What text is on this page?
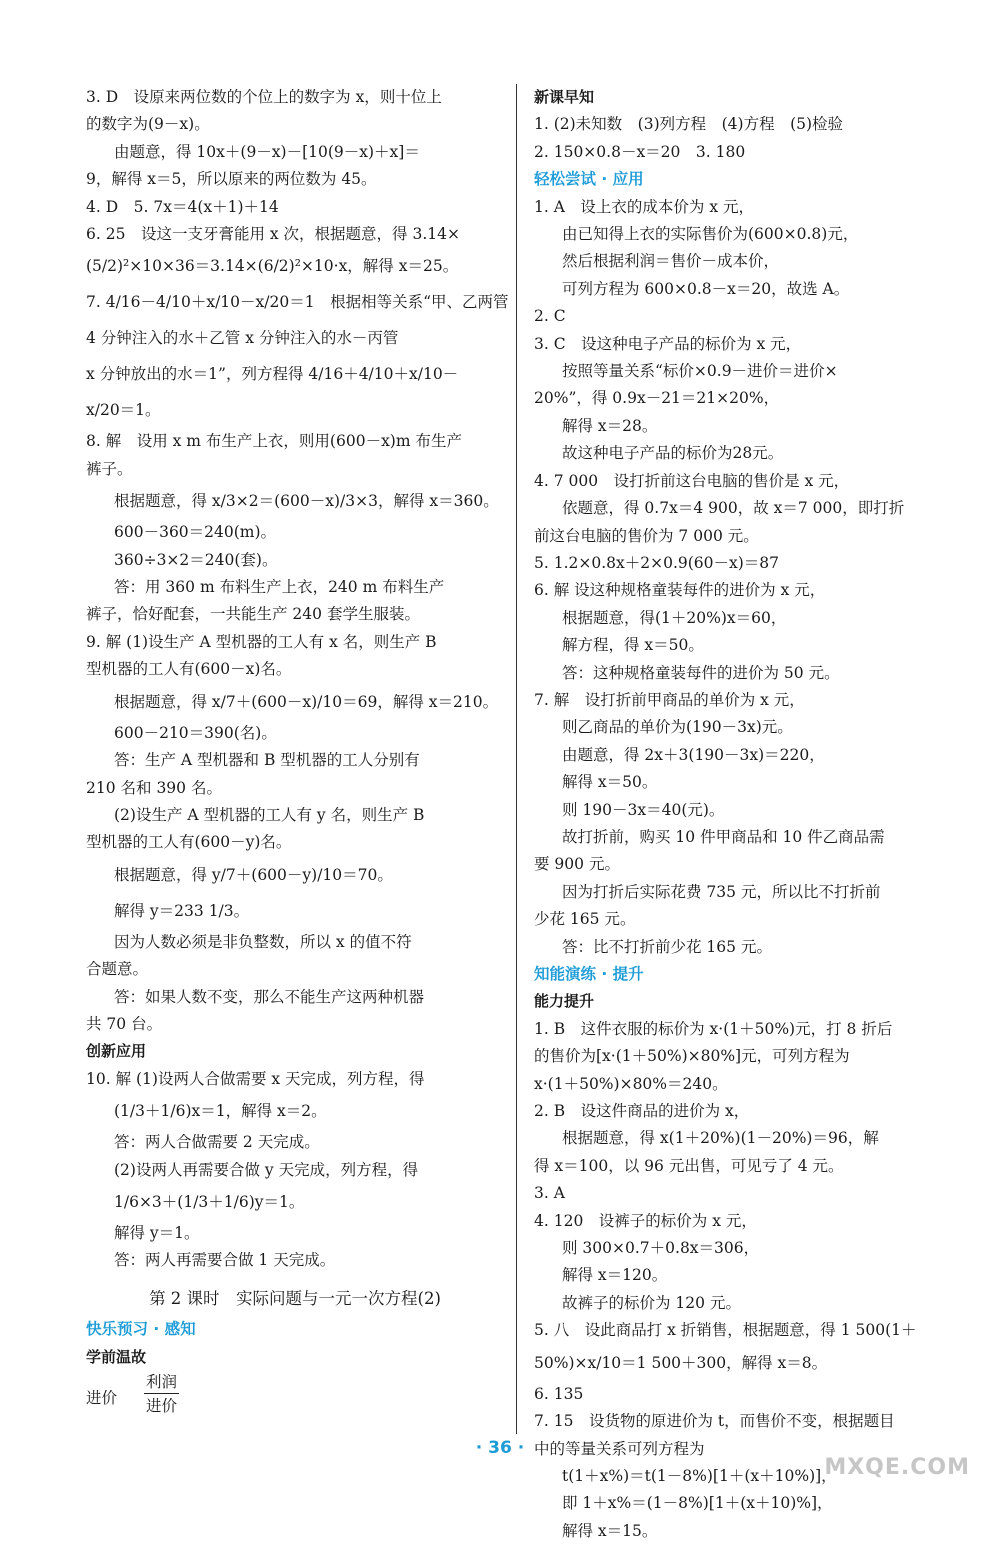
3. D　设原来两位数的个位上的数字为 x，则十位上
的数字为(9－x)。
由题意，得 10x＋(9－x)－[10(9－x)＋x]＝
9，解得 x＝5，所以原来的两位数为 45。
4. D　5. 7x＝4(x＋1)＋14
6. 25　设这一支牙膏能用 x 次，根据题意，得 3.14×
(5/2)²×10×36＝3.14×(6/2)²×10·x，解得 x＝25。
7. 4/16－4/10＋x/10－x/20＝1　根据相等关系“甲、乙两管
4 分钟注入的水＋乙管 x 分钟注入的水－丙管
x 分钟放出的水＝1”，列方程得 4/16＋4/10＋x/10－
x/20＝1。
8. 解　设用 x m 布生产上衣，则用(600－x)m 布生产
裤子。
根据题意，得 x/3×2＝(600－x)/3×3，解得 x＝360。
600－360＝240(m)。
360÷3×2＝240(套)。
答：用 360 m 布料生产上衣，240 m 布料生产
裤子，恰好配套，一共能生产 240 套学生服装。
9. 解 (1)设生产 A 型机器的工人有 x 名，则生产 B
型机器的工人有(600－x)名。
根据题意，得 x/7＋(600－x)/10＝69，解得 x＝210。
600－210＝390(名)。
答：生产 A 型机器和 B 型机器的工人分别有
210 名和 390 名。
(2)设生产 A 型机器的工人有 y 名，则生产 B
型机器的工人有(600－y)名。
根据题意，得 y/7＋(600－y)/10＝70。
解得 y＝233 1/3。
因为人数必须是非负整数，所以 x 的值不符
合题意。
答：如果人数不变，那么不能生产这两种机器
共 70 台。
创新应用
10. 解 (1)设两人合做需要 x 天完成，列方程，得
(1/3＋1/6)x＝1，解得 x＝2。
答：两人合做需要 2 天完成。
(2)设两人再需要合做 y 天完成，列方程，得
1/6×3＋(1/3＋1/6)y＝1。
解得 y＝1。
答：两人再需要合做 1 天完成。
第 2 课时　实际问题与一元一次方程(2)
快乐预习 · 感知
学前温故
进价
利润
进价
新课早知
1. (2)未知数　(3)列方程　(4)方程　(5)检验
2. 150×0.8－x＝20　3. 180
轻松尝试 · 应用
1. A　设上衣的成本价为 x 元，
由已知得上衣的实际售价为(600×0.8)元，
然后根据利润＝售价－成本价，
可列方程为 600×0.8－x＝20，故选 A。
2. C
3. C　设这种电子产品的标价为 x 元，
按照等量关系“标价×0.9－进价＝进价×
20%”，得 0.9x－21＝21×20%，
解得 x＝28。
故这种电子产品的标价为28元。
4. 7 000　设打折前这台电脑的售价是 x 元，
依题意，得 0.7x＝4 900，故 x＝7 000，即打折
前这台电脑的售价为 7 000 元。
5. 1.2×0.8x＋2×0.9(60－x)＝87
6. 解 设这种规格童装每件的进价为 x 元，
根据题意，得(1＋20%)x＝60，
解方程，得 x＝50。
答：这种规格童装每件的进价为 50 元。
7. 解　设打折前甲商品的单价为 x 元，
则乙商品的单价为(190－3x)元。
由题意，得 2x＋3(190－3x)＝220，
解得 x＝50。
则 190－3x＝40(元)。
故打折前，购买 10 件甲商品和 10 件乙商品需
要 900 元。
因为打折后实际花费 735 元，所以比不打折前
少花 165 元。
答：比不打折前少花 165 元。
知能演练 · 提升
能力提升
1. B　这件衣服的标价为 x·(1＋50%)元，打 8 折后
的售价为[x·(1＋50%)×80%]元，可列方程为
x·(1＋50%)×80%＝240。
2. B　设这件商品的进价为 x，
根据题意，得 x(1＋20%)(1－20%)＝96，解
得 x＝100，以 96 元出售，可见亏了 4 元。
3. A
4. 120　设裤子的标价为 x 元，
则 300×0.7＋0.8x＝306，
解得 x＝120。
故裤子的标价为 120 元。
5. 八　设此商品打 x 折销售，根据题意，得 1 500(1＋
50%)×x/10＝1 500＋300，解得 x＝8。
6. 135
7. 15　设货物的原进价为 t，而售价不变，根据题目
中的等量关系可列方程为
t(1＋x%)＝t(1－8%)[1＋(x＋10%)]，
即 1＋x%＝(1－8%)[1＋(x＋10)%]，
解得 x＝15。
· 36 ·
MXQE.COM
